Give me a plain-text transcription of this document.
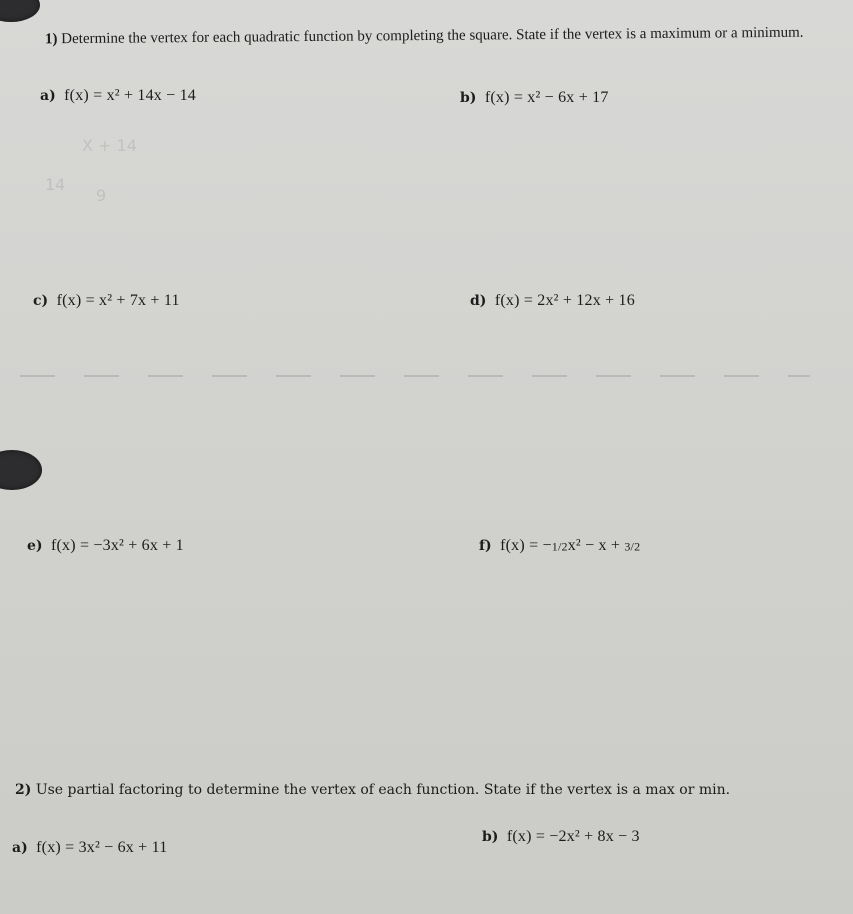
1) Determine the vertex for each quadratic function by completing the square. State if the vertex is a maximum or a minimum.

a) f(x) = x² + 14x − 14	b) f(x) = x² − 6x + 17
X + 14
14
9
c) f(x) = x² + 7x + 11	d) f(x) = 2x² + 12x + 16
e) f(x) = −3x² + 6x + 1	f) f(x) = −1/2x² − x + 3/2

2) Use partial factoring to determine the vertex of each function. State if the vertex is a max or min.

a) f(x) = 3x² − 6x + 11
b) f(x) = −2x² + 8x − 3
